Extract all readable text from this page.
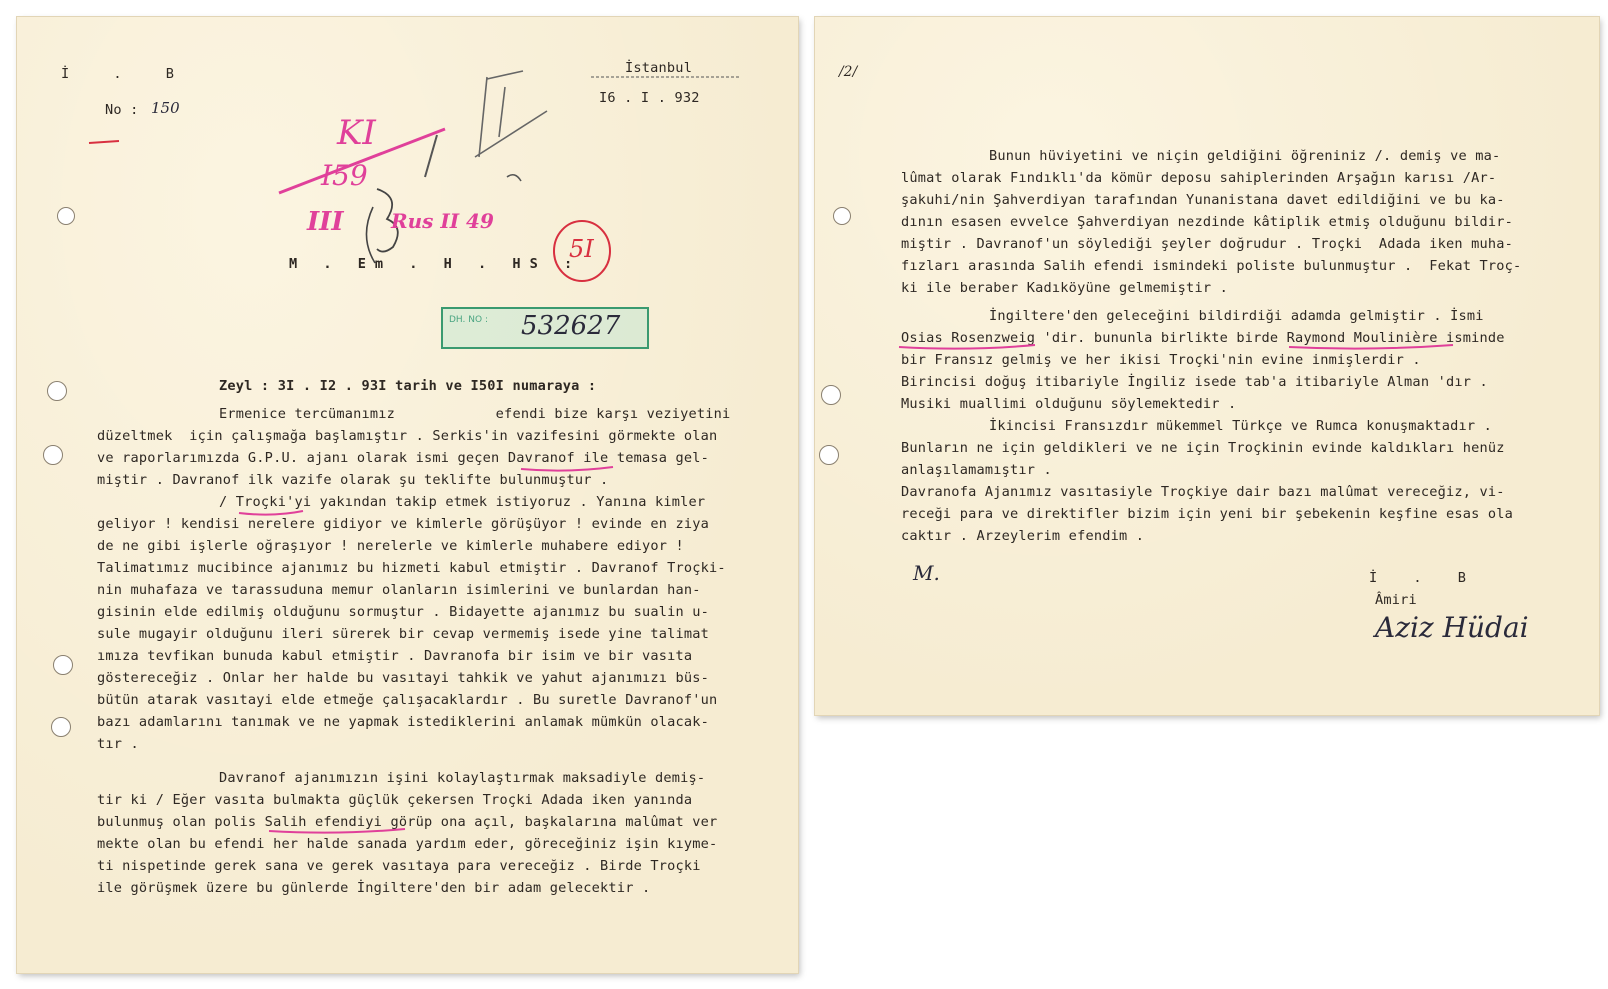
İ . B
No : 150
İstanbul
I6 . I . 932
KI
I59
Rus II 49
III
5I
M . Em . H . HS :
DH. NO : 532627
Zeyl : 3I . I2 . 93I tarih ve I50I numaraya :
Ermenice tercümanımız            efendi bize karşı veziyetini
düzeltmek  için çalışmağa başlamıştır . Serkis'in vazifesini görmekte olan
ve raporlarımızda G.P.U. ajanı olarak ismi geçen Davranof ile temasa gel-
miştir . Davranof ilk vazife olarak şu teklifte bulunmuştur .
/ Troçki'yi yakından takip etmek istiyoruz . Yanına kimler
geliyor ! kendisi nerelere gidiyor ve kimlerle görüşüyor ! evinde en ziya
de ne gibi işlerle oğraşıyor ! nerelerle ve kimlerle muhabere ediyor !
Talimatımız mucibince ajanımız bu hizmeti kabul etmiştir . Davranof Troçki-
nin muhafaza ve tarassuduna memur olanların isimlerini ve bunlardan han-
gisinin elde edilmiş olduğunu sormuştur . Bidayette ajanımız bu sualin u-
sule mugayir olduğunu ileri sürerek bir cevap vermemiş isede yine talimat
ımıza tevfikan bunuda kabul etmiştir . Davranofa bir isim ve bir vasıta
göstereceğiz . Onlar her halde bu vasıtayi tahkik ve yahut ajanımızı büs-
bütün atarak vasıtayi elde etmeğe çalışacaklardır . Bu suretle Davranof'un
bazı adamlarını tanımak ve ne yapmak istediklerini anlamak mümkün olacak-
tır .
Davranof ajanımızın işini kolaylaştırmak maksadiyle demiş-
tir ki / Eğer vasıta bulmakta güçlük çekersen Troçki Adada iken yanında
bulunmuş olan polis Salih efendiyi görüp ona açıl, başkalarına malûmat ver
mekte olan bu efendi her halde sanada yardım eder, göreceğiniz işin kıyme-
ti nispetinde gerek sana ve gerek vasıtaya para vereceğiz . Birde Troçki
ile görüşmek üzere bu günlerde İngiltere'den bir adam gelecektir .
/2/
Bunun hüviyetini ve niçin geldiğini öğreniniz /. demiş ve ma-
lûmat olarak Fındıklı'da kömür deposu sahiplerinden Arşağın karısı /Ar-
şakuhi/nin Şahverdiyan tarafından Yunanistana davet edildiğini ve bu ka-
dının esasen evvelce Şahverdiyan nezdinde kâtiplik etmiş olduğunu bildir-
miştir . Davranof'un söylediği şeyler doğrudur . Troçki  Adada iken muha-
fızları arasında Salih efendi ismindeki poliste bulunmuştur .  Fekat Troç-
ki ile beraber Kadıköyüne gelmemiştir .
İngiltere'den geleceğini bildirdiği adamda gelmiştir . İsmi
Osias Rosenzweig 'dir. bununla birlikte birde Raymond Moulinière isminde
bir Fransız gelmiş ve her ikisi Troçki'nin evine inmişlerdir .
Birincisi doğuş itibariyle İngiliz isede tab'a itibariyle Alman 'dır .
Musiki muallimi olduğunu söylemektedir .
İkincisi Fransızdır mükemmel Türkçe ve Rumca konuşmaktadır .
Bunların ne için geldikleri ve ne için Troçkinin evinde kaldıkları henüz
anlaşılamamıştır .
Davranofa Ajanımız vasıtasiyle Troçkiye dair bazı malûmat vereceğiz, vi-
receği para ve direktifler bizim için yeni bir şebekenin keşfine esas ola
caktır . Arzeylerim efendim .
M.	İ . B
Âmiri
Aziz Hüdai
